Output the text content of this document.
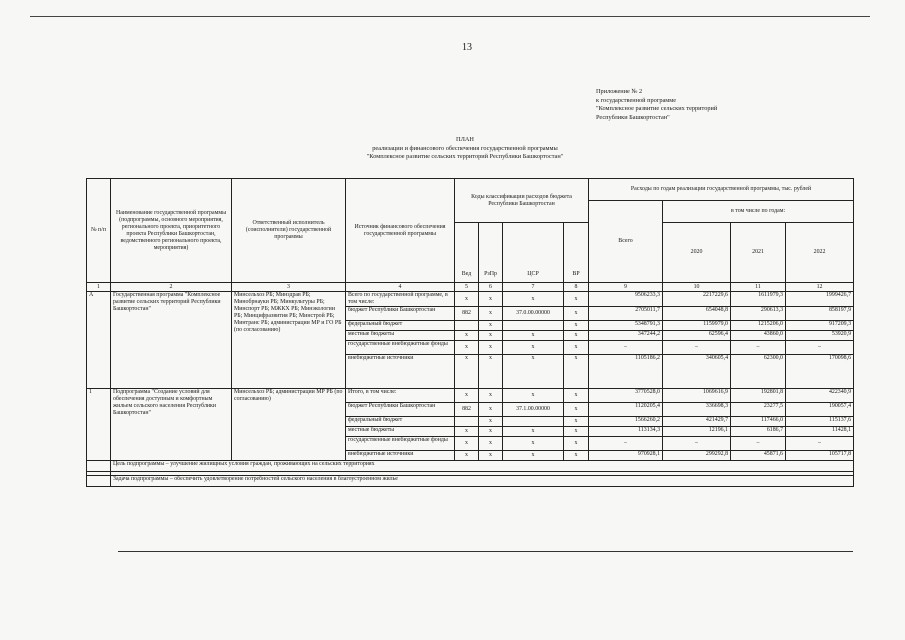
13
Приложение № 2
к государственной программе
"Комплексное развитие сельских территорий
Республики Башкортостан"
ПЛАН
реализации и финансового обеспечения государственной программы
"Комплексное развитие сельских территорий Республики Башкортостан"
№ п/п	Наименование государственной программы (подпрограммы, основного мероприятия, регионального проекта, приоритетного проекта Республики Башкортостан, ведомственного регионального проекта, мероприятия)	Ответственный исполнитель (соисполнители) государственной программы	Источник финансового обеспечения государственной программы	Коды классификации расходов бюджета Республики Башкортостан				Расходы по годам реализации государственной программы, тыс. рублей			
								Всего	в том числе по годам:		
				Вед	РзПр	ЦСР	ВР		2020	2021	2022
1	2	3	4	5	6	7	8	9	10	11	12
А	Государственная программа "Комплексное развитие сельских территорий Республики Башкортостан"	Минсельхоз РБ; Минздрав РБ; Минобрнауки РБ; Минкультуры РБ; Минспорт РБ; МЖКХ РБ; Минэкологии РБ; Минцифразвития РБ; Минстрой РБ; Минтранс РБ; администрации МР и ГО РБ (по согласованию)	Всего по государственной программе, в том числе:	х	х	х	х	9506233,3	2217229,6	1611979,3	1999426,7
			бюджет Республики Башкортостан	882	х	37.0.00.00000	х	2705011,7	654048,8	290613,3	858197,9
			федеральный бюджет		х		х	5348791,3	1159979,0	1215206,0	917209,3
			местные бюджеты	х	х	х	х	347244,2	62596,4	43860,0	53920,9
			государственные внебюджетные фонды	х	х	х	х	–	–	–	–
			внебюджетные источники	х	х	х	х	1105186,2	340605,4	62300,0	170098,6
1	Подпрограмма "Создание условий для обеспечения доступным и комфортным жильем сельского населения Республики Башкортостан"	Минсельхоз РБ; администрации МР РБ (по согласованию)	Итого, в том числе:	х	х	х	х	3770528,0	1069616,9	192801,8	422340,9
			бюджет Республики Башкортостан	882	х	37.1.00.00000	х	1120205,4	336698,3	23277,5	190057,4
			федеральный бюджет		х		х	1566260,2	421429,7	117466,0	115137,6
			местные бюджеты	х	х	х	х	113134,3	12196,1	6186,7	11428,1
			государственные внебюджетные фонды	х	х	х	х	–	–	–	–
			внебюджетные источники	х	х	х	х	970928,1	299292,8	45871,6	105717,8
	Цель подпрограммы – улучшение жилищных условия граждан, проживающих на сельских территориях										

	Задача подпрограммы – обеспечить удовлетворение потребностей сельского населения в благоустроенном жилье										
